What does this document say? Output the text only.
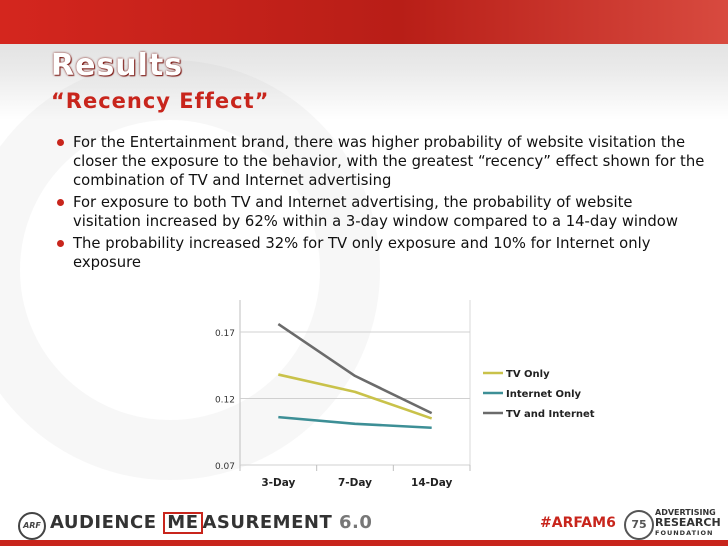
Results
“Recency Effect”
For the Entertainment brand, there was higher probability of website visitation the closer the exposure to the behavior, with the greatest “recency” effect shown for the combination of TV and Internet advertising
For exposure to both TV and Internet advertising, the probability of website visitation increased by 62% within a 3-day window compared to a 14-day window
The probability increased 32% for TV only exposure and 10% for Internet only exposure
0.17
0.12
0.07
3-Day	7-Day	14-Day
TV Only
Internet Only
TV and Internet
ARF AUDIENCE ME ASUREMENT 6.0	#ARFAM6	75
ADVERTISING
RESEARCH
FOUNDATION
